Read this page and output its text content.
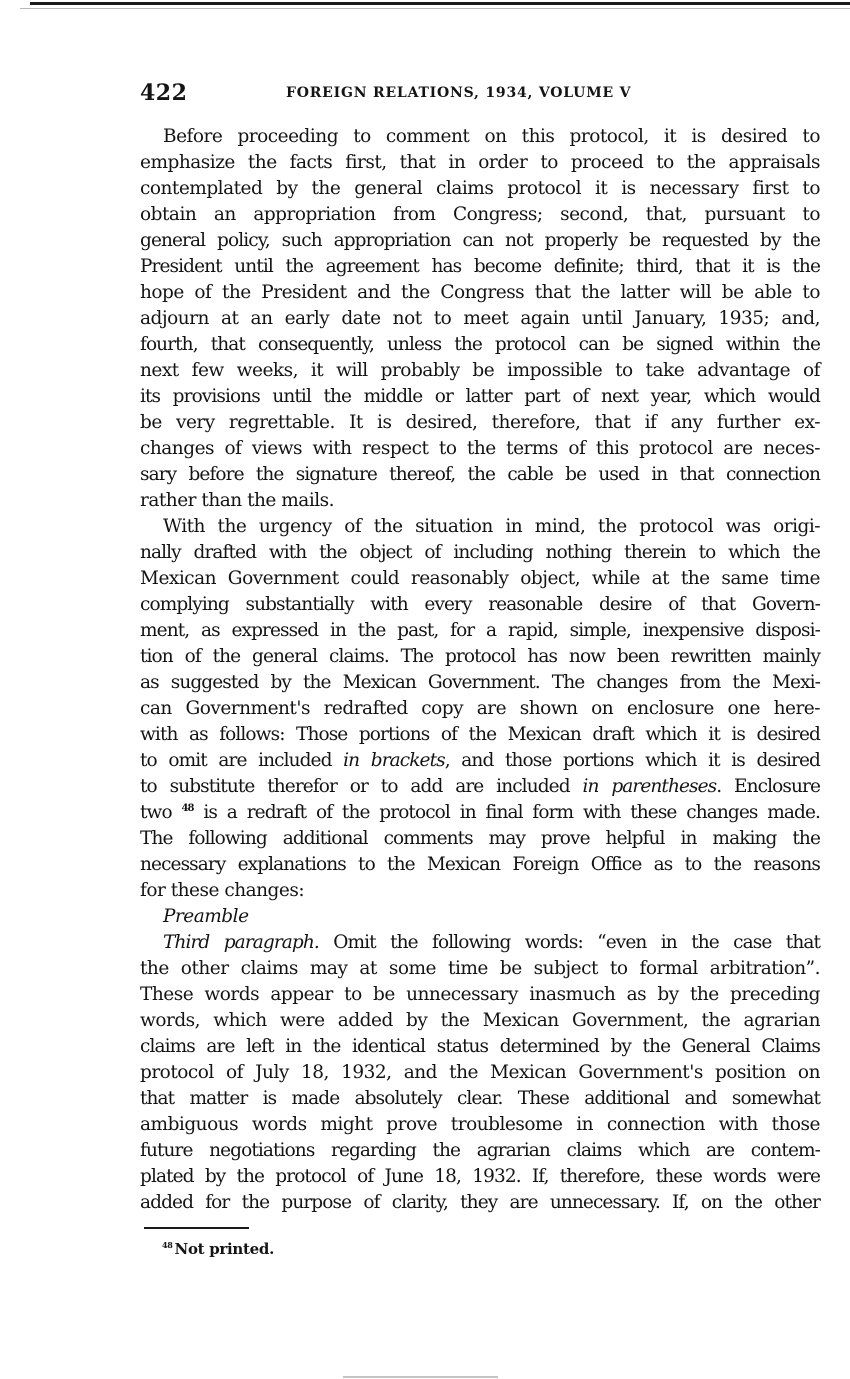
422	FOREIGN RELATIONS, 1934, VOLUME V
Before proceeding to comment on this protocol, it is desired to
emphasize the facts first, that in order to proceed to the appraisals
contemplated by the general claims protocol it is necessary first to
obtain an appropriation from Congress; second, that, pursuant to
general policy, such appropriation can not properly be requested by the
President until the agreement has become definite; third, that it is the
hope of the President and the Congress that the latter will be able to
adjourn at an early date not to meet again until January, 1935; and,
fourth, that consequently, unless the protocol can be signed within the
next few weeks, it will probably be impossible to take advantage of
its provisions until the middle or latter part of next year, which would
be very regrettable. It is desired, therefore, that if any further ex-
changes of views with respect to the terms of this protocol are neces-
sary before the signature thereof, the cable be used in that connection
rather than the mails.
With the urgency of the situation in mind, the protocol was origi-
nally drafted with the object of including nothing therein to which the
Mexican Government could reasonably object, while at the same time
complying substantially with every reasonable desire of that Govern-
ment, as expressed in the past, for a rapid, simple, inexpensive disposi-
tion of the general claims. The protocol has now been rewritten mainly
as suggested by the Mexican Government. The changes from the Mexi-
can Government's redrafted copy are shown on enclosure one here-
with as follows: Those portions of the Mexican draft which it is desired
to omit are included in brackets, and those portions which it is desired
to substitute therefor or to add are included in parentheses. Enclosure
two $^{48}$ is a redraft of the protocol in final form with these changes made.
The following additional comments may prove helpful in making the
necessary explanations to the Mexican Foreign Office as to the reasons
for these changes:
Preamble
Third paragraph. Omit the following words: “even in the case that
the other claims may at some time be subject to formal arbitration”.
These words appear to be unnecessary inasmuch as by the preceding
words, which were added by the Mexican Government, the agrarian
claims are left in the identical status determined by the General Claims
protocol of July 18, 1932, and the Mexican Government's position on
that matter is made absolutely clear. These additional and somewhat
ambiguous words might prove troublesome in connection with those
future negotiations regarding the agrarian claims which are contem-
plated by the protocol of June 18, 1932. If, therefore, these words were
added for the purpose of clarity, they are unnecessary. If, on the other
$^{48}$ Not printed.
